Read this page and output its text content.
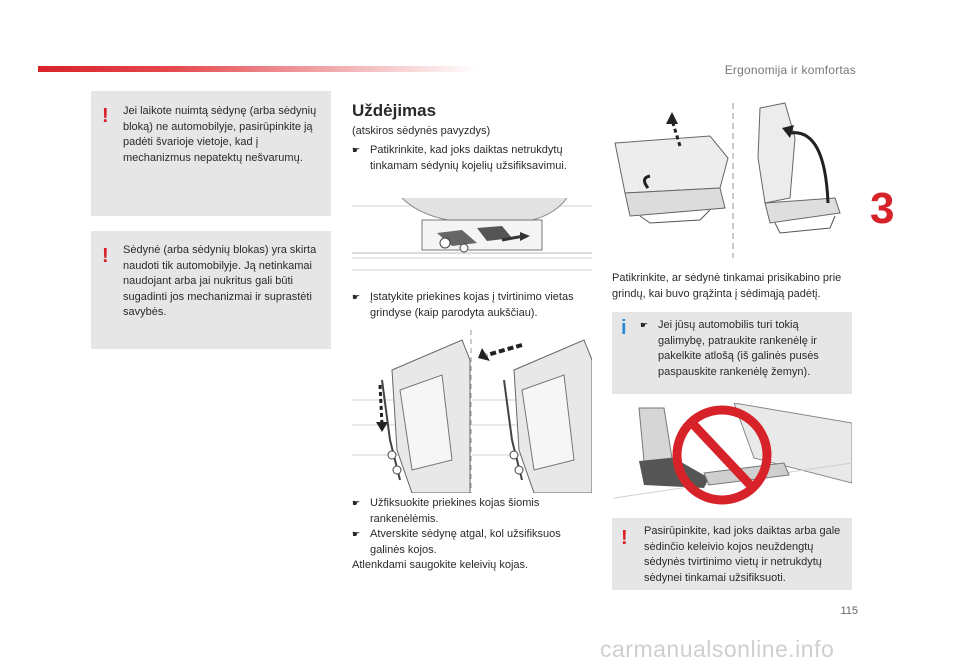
Ergonomija ir komfortas
3
115
! Jei laikote nuimtą sėdynę (arba sėdynių bloką) ne automobilyje, pasirūpinkite ją padėti švarioje vietoje, kad į mechanizmus nepatektų nešvarumų.
! Sėdynė (arba sėdynių blokas) yra skirta naudoti tik automobilyje. Ją netinkamai naudojant arba jai nukritus gali būti sugadinti jos mechanizmai ir suprastėti savybės.
Uždėjimas
(atskiros sėdynės pavyzdys)
☛ Patikrinkite, kad joks daiktas netrukdytų tinkamam sėdynių kojelių užsifiksavimui.
☛ Įstatykite priekines kojas į tvirtinimo vietas grindyse (kaip parodyta aukščiau).
☛ Užfiksuokite priekines kojas šiomis rankenėlėmis.
☛ Atverskite sėdynę atgal, kol užsifiksuos galinės kojos.
Atlenkdami saugokite keleivių kojas.
Patikrinkite, ar sėdynė tinkamai prisikabino prie grindų, kai buvo grąžinta į sėdimąją padėtį.
i ☛ Jei jūsų automobilis turi tokią galimybę, patraukite rankenėlę ir pakelkite atlošą (iš galinės pusės paspauskite rankenėlę žemyn).
! Pasirūpinkite, kad joks daiktas arba gale sėdinčio keleivio kojos neuždengtų sėdynės tvirtinimo vietų ir netrukdytų sėdynei tinkamai užsifiksuoti.
carmanualsonline.info
